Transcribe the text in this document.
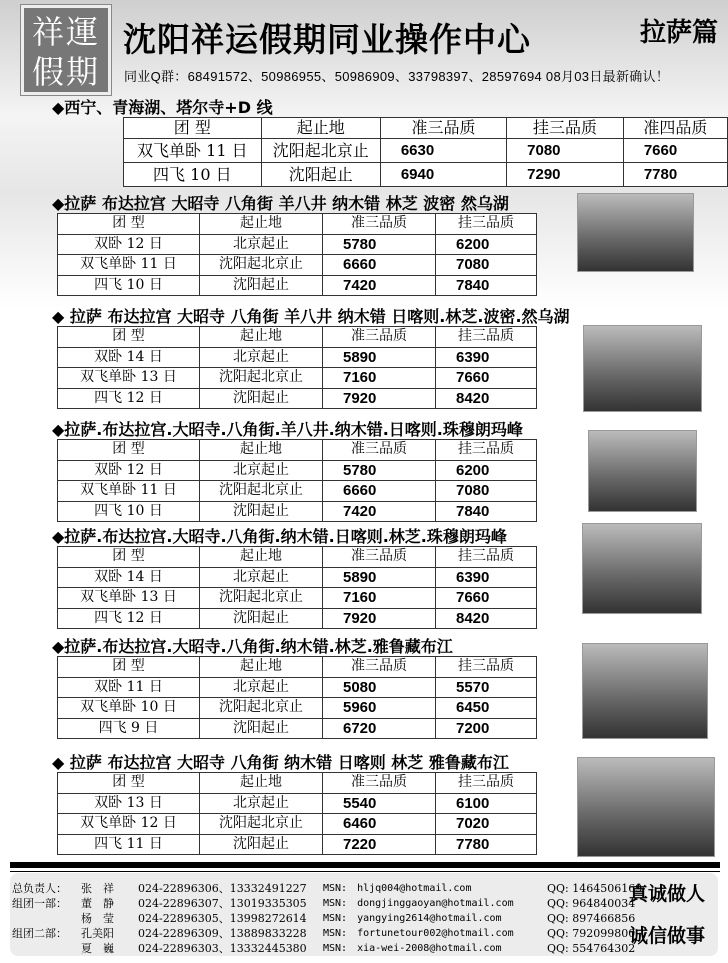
祥運假期
沈阳祥运假期同业操作中心	拉萨篇
同业Q群：68491572、50986955、50986909、33798397、28597694 08月03日最新确认！
◆西宁、青海湖、塔尔寺+D 线
团 型	起止地	准三品质	挂三品质	准四品质
双飞单卧 11 日	沈阳起北京止	6630	7080	7660
四飞 10 日	沈阳起止	6940	7290	7780
◆拉萨 布达拉宫 大昭寺 八角街 羊八井 纳木错 林芝 波密 然乌湖
团 型	起止地	准三品质	挂三品质
双卧 12 日	北京起止	5780	6200
双飞单卧 11 日	沈阳起北京止	6660	7080
四飞 10 日	沈阳起止	7420	7840
◆ 拉萨 布达拉宫 大昭寺 八角街 羊八井 纳木错 日喀则.林芝.波密.然乌湖
团 型	起止地	准三品质	挂三品质
双卧 14 日	北京起止	5890	6390
双飞单卧 13 日	沈阳起北京止	7160	7660
四飞 12 日	沈阳起止	7920	8420
◆拉萨.布达拉宫.大昭寺.八角街.羊八井.纳木错.日喀则.珠穆朗玛峰
团 型	起止地	准三品质	挂三品质
双卧 12 日	北京起止	5780	6200
双飞单卧 11 日	沈阳起北京止	6660	7080
四飞 10 日	沈阳起止	7420	7840
◆拉萨.布达拉宫.大昭寺.八角街.纳木错.日喀则.林芝.珠穆朗玛峰
团 型	起止地	准三品质	挂三品质
双卧 14 日	北京起止	5890	6390
双飞单卧 13 日	沈阳起北京止	7160	7660
四飞 12 日	沈阳起止	7920	8420
◆拉萨.布达拉宫.大昭寺.八角街.纳木错.林芝.雅鲁藏布江
团 型	起止地	准三品质	挂三品质
双卧 11 日	北京起止	5080	5570
双飞单卧 10 日	沈阳起北京止	5960	6450
四飞 9 日	沈阳起止	6720	7200
◆ 拉萨 布达拉宫 大昭寺 八角街 纳木错 日喀则 林芝 雅鲁藏布江
团 型	起止地	准三品质	挂三品质
双卧 13 日	北京起止	5540	6100
双飞单卧 12 日	沈阳起北京止	6460	7020
四飞 11 日	沈阳起止	7220	7780
真诚做人
诚信做事
总负责人： 张　祥 024-22896306、13332491227 MSN:　hljq004@hotmail.com	QQ: 1464506169
组团一部： 董　静 024-22896307、13019335305 MSN:　dongjinggaoyan@hotmail.com	QQ: 964840034
杨　莹 024-22896305、13998272614 MSN:　yangying2614@hotmail.com	QQ: 897466856
组团二部： 孔美阳 024-22896309、13889833228 MSN:　fortunetour002@hotmail.com	QQ: 792099800
夏　巍 024-22896303、13332445380 MSN:　xia-wei-2008@hotmail.com	QQ: 554764302
